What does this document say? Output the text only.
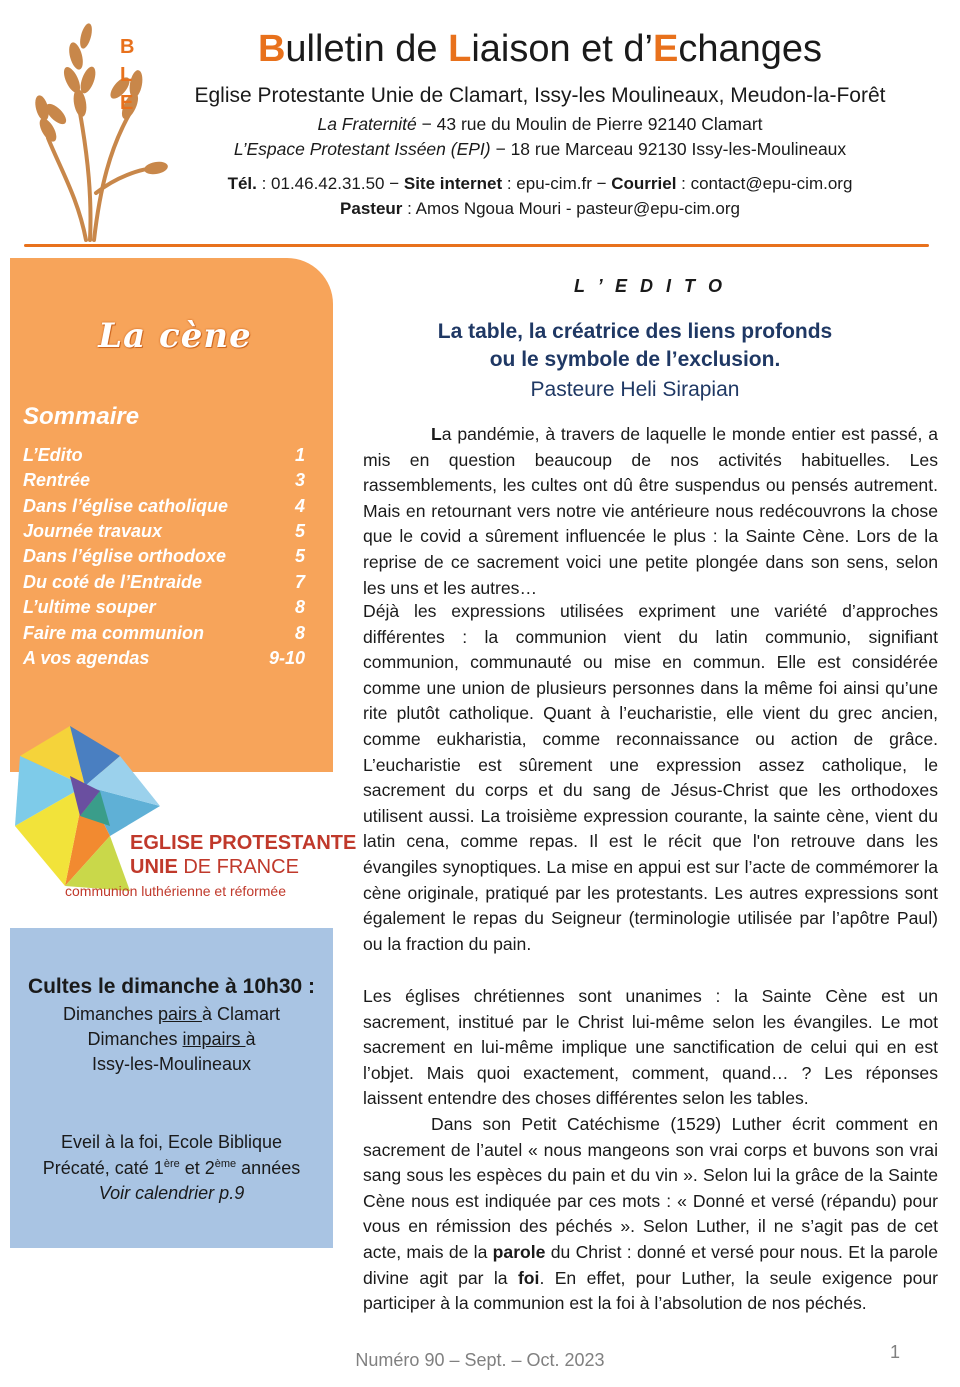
B
L
E
Bulletin de Liaison et d’Echanges
Eglise Protestante Unie de Clamart, Issy-les Moulineaux, Meudon-la-Forêt
La Fraternité − 43 rue du Moulin de Pierre 92140 Clamart
L’Espace Protestant Isséen (EPI) − 18 rue Marceau 92130 Issy-les-Moulineaux
Tél. : 01.46.42.31.50 − Site internet : epu-cim.fr − Courriel : contact@epu-cim.org
Pasteur : Amos Ngoua Mouri - pasteur@epu-cim.org
La cène
Sommaire
L’Edito	1
Rentrée	3
Dans l’église catholique	4
Journée travaux	5
Dans l’église orthodoxe	5
Du coté de l’Entraide	7
L’ultime souper	8
Faire ma communion	8
A vos agendas	9-10
EGLISE PROTESTANTE
UNIE DE FRANCE
communion luthérienne et réformée
Cultes le dimanche à 10h30 :
Dimanches pairs à Clamart
Dimanches impairs à
Issy-les-Moulineaux
Eveil à la foi, Ecole Biblique
Précaté, caté 1ère et 2ème années
Voir calendrier p.9
L ’ E D I T O
La table, la créatrice des liens profonds
ou le symbole de l’exclusion.
Pasteure Heli Sirapian
La pandémie, à travers de laquelle le monde entier est passé, a mis en question beaucoup de nos activités habituelles. Les rassemblements, les cultes ont dû être suspendus ou pensés autrement. Mais en retournant vers notre vie antérieure nous redécouvrons la chose que le covid a sûrement influencée le plus : la Sainte Cène. Lors de la reprise de ce sacrement voici une petite plongée dans son sens, selon les uns et les autres…
Déjà les expressions utilisées expriment une variété d’approches différentes : la communion vient du latin communio, signifiant communion, communauté ou mise en commun. Elle est considérée comme une union de plusieurs personnes dans la même foi ainsi qu’une rite plutôt catholique. Quant à l’eucharistie, elle vient du grec ancien, comme eukharistia, comme reconnaissance ou action de grâce. L’eucharistie est sûrement une expression assez catholique, le sacrement du corps et du sang de Jésus-Christ que les orthodoxes utilisent aussi. La troisième expression courante, la sainte cène, vient du latin cena, comme repas. Il est le récit que l'on retrouve dans les évangiles synoptiques. La mise en appui est sur l’acte de commémorer la cène originale, pratiqué par les protestants. Les autres expressions sont également le repas du Seigneur (terminologie utilisée par l’apôtre Paul) ou la fraction du pain.
Les églises chrétiennes sont unanimes : la Sainte Cène est un sacrement, institué par le Christ lui-même selon les évangiles. Le mot sacrement en lui-même implique une sanctification de celui qui en est l’objet. Mais quoi exactement, comment, quand… ? Les réponses laissent entendre des choses différentes selon les tables.
Dans son Petit Catéchisme (1529) Luther écrit comment en sacrement de l’autel « nous mangeons son vrai corps et buvons son vrai sang sous les espèces du pain et du vin ». Selon lui la grâce de la Sainte Cène nous est indiquée par ces mots : « Donné et versé (répandu) pour vous en rémission des péchés ». Selon Luther, il ne s’agit pas de cet acte, mais de la parole du Christ : donné et versé pour nous. Et la parole divine agit par la foi. En effet, pour Luther, la seule exigence pour participer à la communion est la foi à l’absolution de nos péchés.
Numéro 90 – Sept. – Oct. 2023	1
